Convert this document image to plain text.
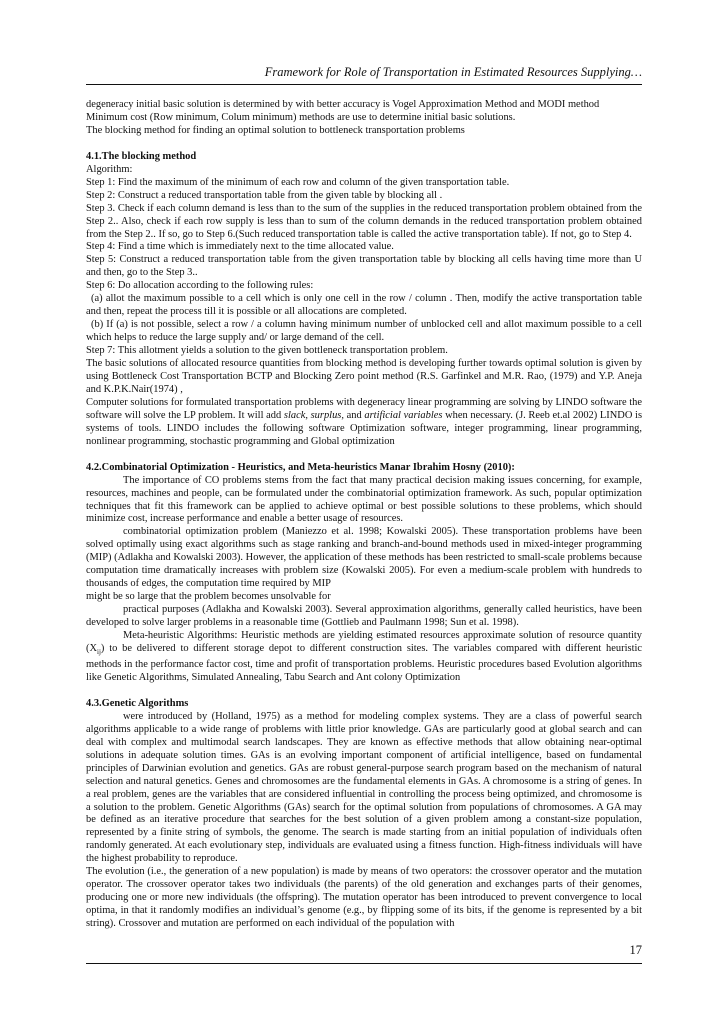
Framework for Role of Transportation in Estimated Resources Supplying…

degeneracy initial basic solution is determined by with better accuracy is Vogel Approximation Method and MODI method

Minimum cost (Row minimum, Colum minimum) methods are use to determine initial basic solutions.

The blocking method for finding an optimal solution to bottleneck transportation problems

4.1.The blocking method

Algorithm:

Step 1: Find the maximum of the minimum of each row and column of the given transportation table.

Step 2: Construct a reduced transportation table from the given table by blocking all .

Step 3. Check if each column demand is less than to the sum of the supplies in the reduced transportation problem obtained from the Step 2.. Also, check if each row supply is less than to sum of the column demands in the reduced transportation problem obtained from the Step 2.. If so, go to Step 6.(Such reduced transportation table is called the active transportation table). If not, go to Step 4.

Step 4: Find a time which is immediately next to the time allocated value.

Step 5: Construct a reduced transportation table from the given transportation table by blocking all cells having time more than U and then, go to the Step 3..

Step 6: Do allocation according to the following rules:

(a) allot the maximum possible to a cell which is only one cell in the row / column . Then, modify the active transportation table and then, repeat the process till it is possible or all allocations are completed.

(b) If (a) is not possible, select a row / a column having minimum number of unblocked cell and allot maximum possible to a cell which helps to reduce the large supply and/ or large demand of the cell.

Step 7: This allotment yields a solution to the given bottleneck transportation problem.

The basic solutions of allocated resource quantities from blocking method is developing further towards optimal solution is given by using Bottleneck Cost Transportation BCTP and Blocking Zero point method (R.S. Garfinkel and M.R. Rao, (1979) and Y.P. Aneja and K.P.K.Nair(1974) ,

Computer solutions for formulated transportation problems with degeneracy linear programming are solving by LINDO software the software will solve the LP problem. It will add slack, surplus, and artificial variables when necessary. (J. Reeb et.al 2002) LINDO is systems of tools. LINDO includes the following software Optimization software, integer programming, linear programming, nonlinear programming, stochastic programming and Global optimization

4.2.Combinatorial Optimization - Heuristics, and Meta-heuristics Manar Ibrahim Hosny (2010):

The importance of CO problems stems from the fact that many practical decision making issues concerning, for example, resources, machines and people, can be formulated under the combinatorial optimization framework. As such, popular optimization techniques that fit this framework can be applied to achieve optimal or best possible solutions to these problems, which should minimize cost, increase performance and enable a better usage of resources.

combinatorial optimization problem (Maniezzo et al. 1998; Kowalski 2005). These transportation problems have been solved optimally using exact algorithms such as stage ranking and branch-and-bound methods used in mixed-integer programming (MIP) (Adlakha and Kowalski 2003). However, the application of these methods has been restricted to small-scale problems because computation time dramatically increases with problem size (Kowalski 2005). For even a medium-scale problem with hundreds to thousands of edges, the computation time required by MIP

might be so large that the problem becomes unsolvable for

practical purposes (Adlakha and Kowalski 2003). Several approximation algorithms, generally called heuristics, have been developed to solve larger problems in a reasonable time (Gottlieb and Paulmann 1998; Sun et al. 1998).

Meta-heuristic Algorithms: Heuristic methods are yielding estimated resources approximate solution of resource quantity $(X_{ij})$ to be delivered to different storage depot to different construction sites. The variables compared with different heuristic methods in the performance factor cost, time and profit of transportation problems. Heuristic procedures based Evolution algorithms like Genetic Algorithms, Simulated Annealing, Tabu Search and Ant colony Optimization

4.3.Genetic Algorithms

were introduced by (Holland, 1975) as a method for modeling complex systems. They are a class of powerful search algorithms applicable to a wide range of problems with little prior knowledge. GAs are particularly good at global search and can deal with complex and multimodal search landscapes. They are known as effective methods that allow obtaining near-optimal solutions in adequate solution times. GAs is an evolving important component of artificial intelligence, based on fundamental principles of Darwinian evolution and genetics. GAs are robust general-purpose search program based on the mechanism of natural selection and natural genetics. Genes and chromosomes are the fundamental elements in GAs. A chromosome is a string of genes. In a real problem, genes are the variables that are considered influential in controlling the process being optimized, and chromosome is a solution to the problem. Genetic Algorithms (GAs) search for the optimal solution from populations of chromosomes. A GA may be defined as an iterative procedure that searches for the best solution of a given problem among a constant-size population, represented by a finite string of symbols, the genome. The search is made starting from an initial population of individuals often randomly generated. At each evolutionary step, individuals are evaluated using a fitness function. High-fitness individuals will have the highest probability to reproduce.

The evolution (i.e., the generation of a new population) is made by means of two operators: the crossover operator and the mutation operator. The crossover operator takes two individuals (the parents) of the old generation and exchanges parts of their genomes, producing one or more new individuals (the offspring). The mutation operator has been introduced to prevent convergence to local optima, in that it randomly modifies an individual’s genome (e.g., by flipping some of its bits, if the genome is represented by a bit string). Crossover and mutation are performed on each individual of the population with

17
